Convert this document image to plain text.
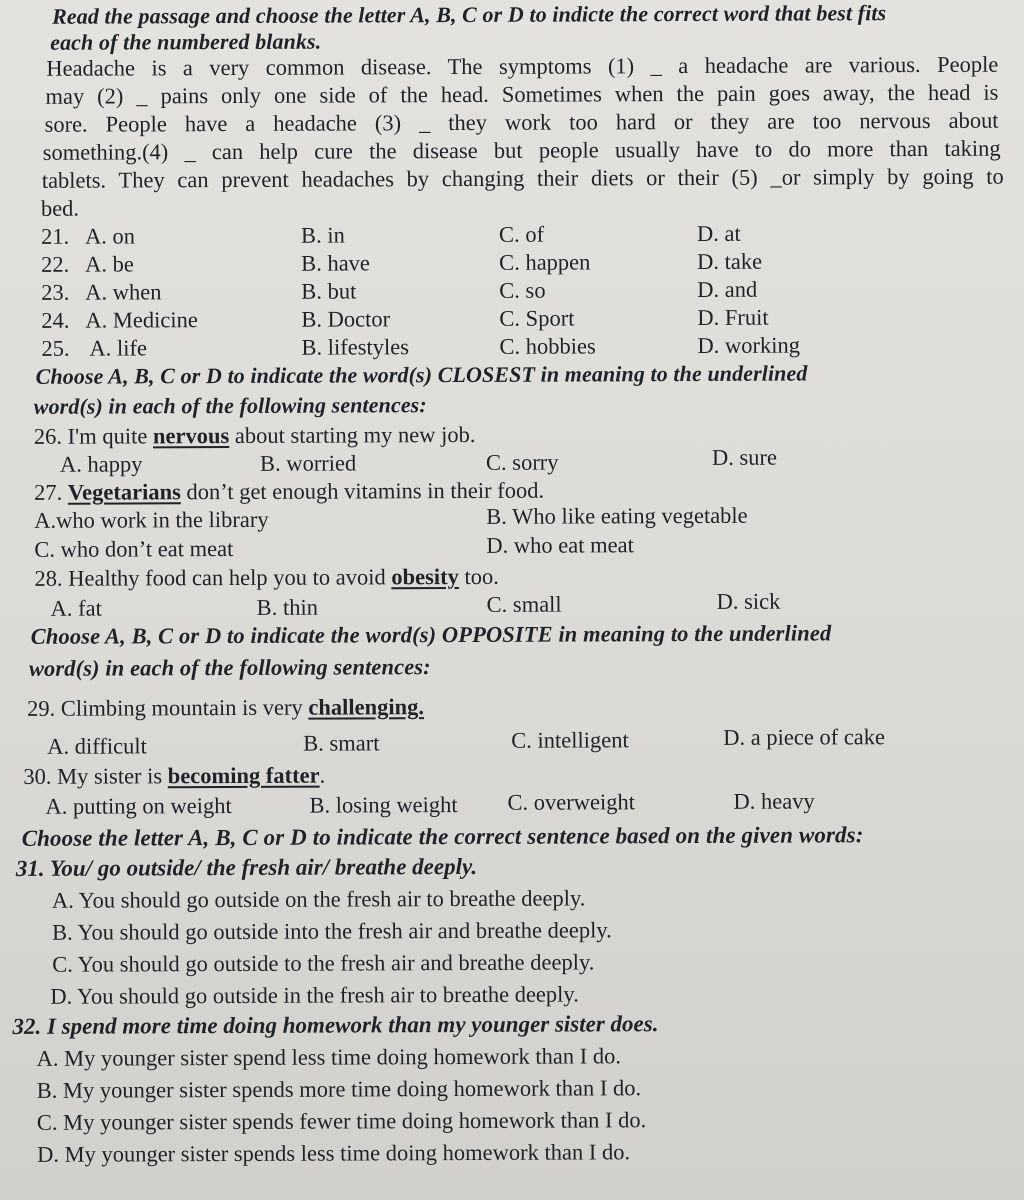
Read the passage and choose the letter A, B, C or D to indicte the correct word that best fits
each of the numbered blanks.
Headache is a very common disease. The symptoms (1) _ a headache are various. People
may (2) _ pains only one side of the head. Sometimes when the pain goes away, the head is
sore. People have a headache (3) _ they work too hard or they are too nervous about
something.(4) _ can help cure the disease but people usually have to do more than taking
tablets. They can prevent headaches by changing their diets or their (5) _or simply by going to
bed.
21. A. on	B. in	C. of	D. at
22. A. be	B. have	C. happen	D. take
23. A. when	B. but	C. so	D. and
24. A. Medicine	B. Doctor	C. Sport	D. Fruit
25. A. life	B. lifestyles	C. hobbies	D. working
Choose A, B, C or D to indicate the word(s) CLOSEST in meaning to the underlined
word(s) in each of the following sentences:
26. I'm quite nervous about starting my new job.
A. happy	B. worried	C. sorry	D. sure
27. Vegetarians don’t get enough vitamins in their food.
A.who work in the library	B. Who like eating vegetable
C. who don’t eat meat	D. who eat meat
28. Healthy food can help you to avoid obesity too.
A. fat	B. thin	C. small	D. sick
Choose A, B, C or D to indicate the word(s) OPPOSITE in meaning to the underlined
word(s) in each of the following sentences:
29. Climbing mountain is very challenging.
A. difficult	B. smart	C. intelligent	D. a piece of cake
30. My sister is becoming fatter.
A. putting on weight	B. losing weight C. overweight	D. heavy
Choose the letter A, B, C or D to indicate the correct sentence based on the given words:
31. You/ go outside/ the fresh air/ breathe deeply.
A. You should go outside on the fresh air to breathe deeply.
B. You should go outside into the fresh air and breathe deeply.
C. You should go outside to the fresh air and breathe deeply.
D. You should go outside in the fresh air to breathe deeply.
32. I spend more time doing homework than my younger sister does.
A. My younger sister spend less time doing homework than I do.
B. My younger sister spends more time doing homework than I do.
C. My younger sister spends fewer time doing homework than I do.
D. My younger sister spends less time doing homework than I do.
